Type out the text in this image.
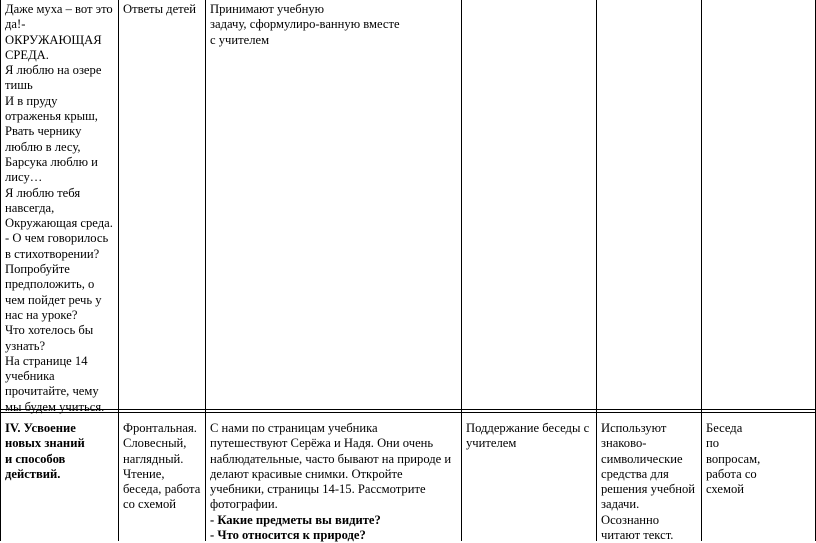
Даже муха – вот это
да!-
ОКРУЖАЮЩАЯ
СРЕДА.
Я люблю на озере
тишь
И в пруду
отраженья крыш,
Рвать чернику
люблю в лесу,
Барсука люблю и
лису…
Я люблю тебя
навсегда,
Окружающая среда.
- О чем говорилось
в стихотворении?
Попробуйте
предположить, о
чем пойдет речь у
нас на уроке?
Что хотелось бы
узнать?
На странице 14
учебника
прочитайте, чему
мы будем учиться.
Ответы детей	Принимают учебную
задачу, сформулиро-ванную вместе
с учителем
IV. Усвоение
новых знаний
и способов
действий.
Фронтальная.
Словесный,
наглядный.
Чтение,
беседа, работа
со схемой
С нами по страницам учебника
путешествуют Серёжа и Надя. Они очень
наблюдательные, часто бывают на природе и
делают красивые снимки. Откройте
учебники, страницы 14-15. Рассмотрите
фотографии.
- Какие предметы вы видите?
- Что относится к природе?
Поддержание беседы с
учителем
Используют
знаково-
символические
средства для
решения учебной
задачи.
Осознанно
читают текст.
Беседа
по
вопросам,
работа со
схемой
